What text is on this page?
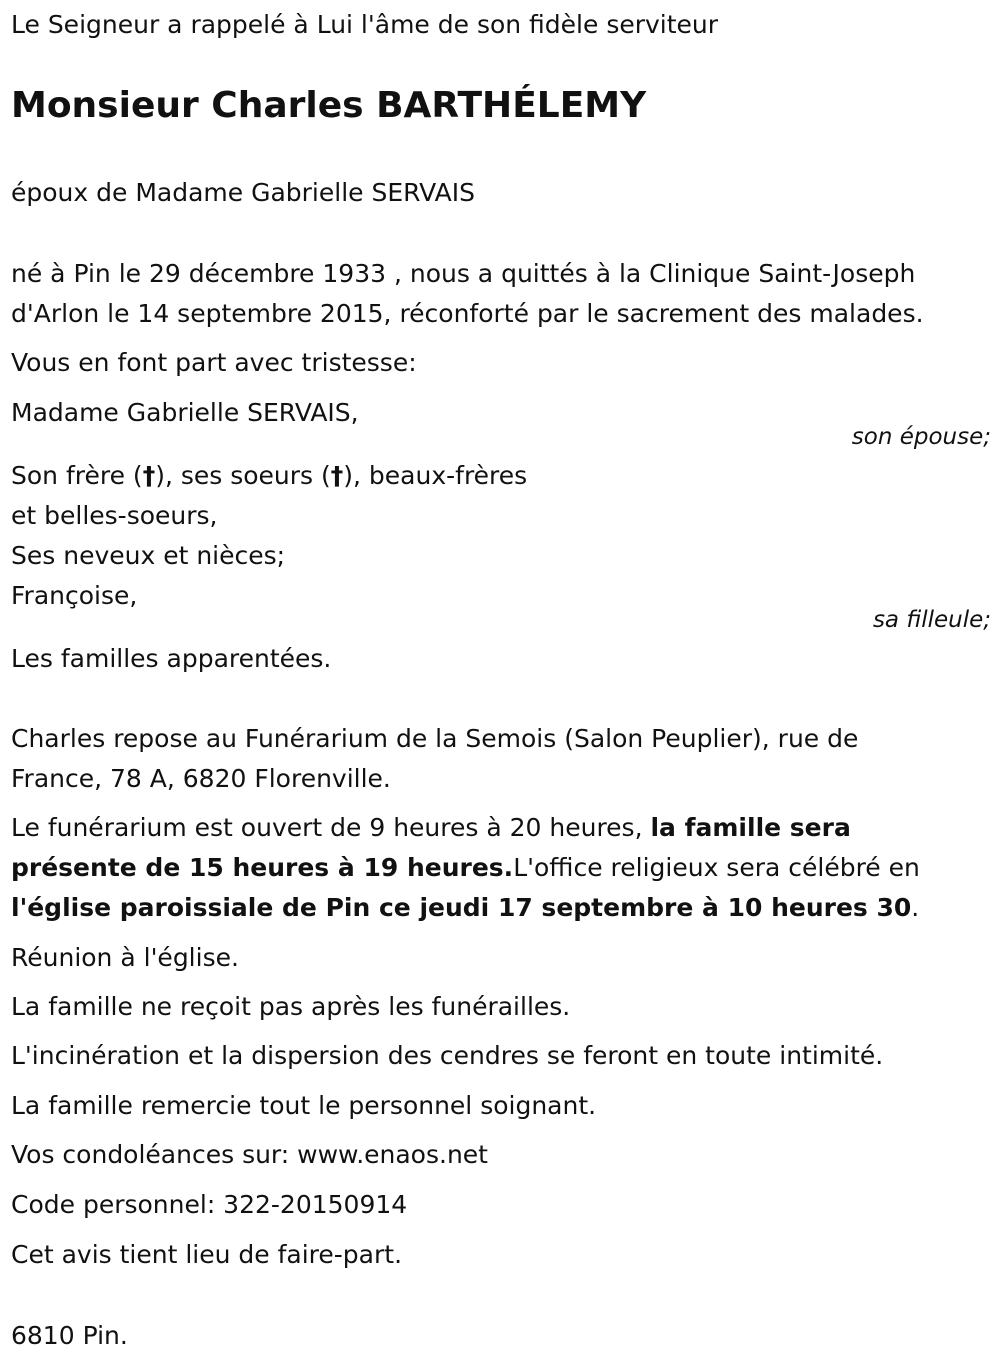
Le Seigneur a rappelé à Lui l'âme de son fidèle serviteur
Monsieur Charles BARTHÉLEMY
époux de Madame Gabrielle SERVAIS
né à Pin le 29 décembre 1933 , nous a quittés à la Clinique Saint-Joseph
d'Arlon le 14 septembre 2015, réconforté par le sacrement des malades.
Vous en font part avec tristesse:
Madame Gabrielle SERVAIS,
son épouse;
Son frère (†), ses soeurs (†), beaux-frères
et belles-soeurs,
Ses neveux et nièces;
Françoise,
sa filleule;
Les familles apparentées.
Charles repose au Funérarium de la Semois (Salon Peuplier), rue de
France, 78 A, 6820 Florenville.
Le funérarium est ouvert de 9 heures à 20 heures, la famille sera
présente de 15 heures à 19 heures.L'office religieux sera célébré en
l'église paroissiale de Pin ce jeudi 17 septembre à 10 heures 30.
Réunion à l'église.
La famille ne reçoit pas après les funérailles.
L'incinération et la dispersion des cendres se feront en toute intimité.
La famille remercie tout le personnel soignant.
Vos condoléances sur: www.enaos.net
Code personnel: 322-20150914
Cet avis tient lieu de faire-part.
6810 Pin.
